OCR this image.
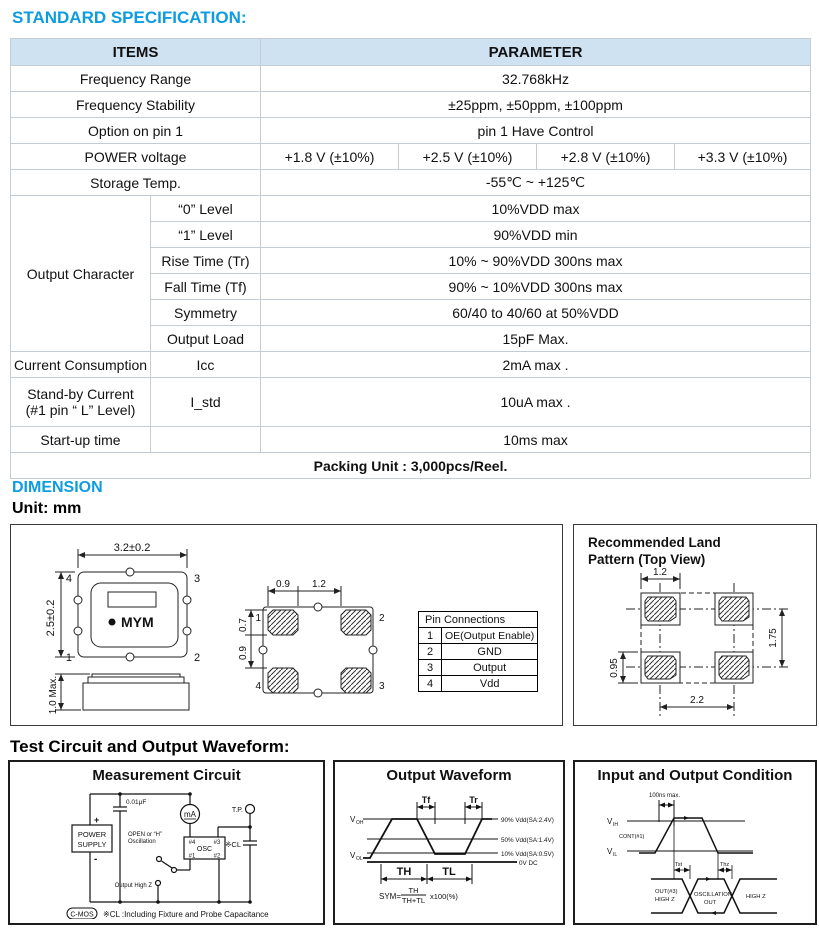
STANDARD SPECIFICATION:
ITEMS		PARAMETER			
Frequency Range		32.768kHz			
Frequency Stability		±25ppm, ±50ppm, ±100ppm			
Option on pin 1		pin 1 Have Control			
POWER voltage		+1.8 V (±10%)	+2.5 V (±10%)	+2.8 V (±10%)	+3.3 V (±10%)
Storage Temp.		-55℃ ~ +125℃			
Output Character	“0” Level	10%VDD max			
	“1” Level	90%VDD min			
	Rise Time (Tr)	10% ~ 90%VDD 300ns max			
	Fall Time (Tf)	90% ~ 10%VDD 300ns max			
	Symmetry	60/40 to 40/60 at 50%VDD			
	Output Load	15pF Max.			
Current Consumption	Icc	2mA max .			

Stand-by Current
(#1 pin “ L” Level)	I_std	10uA max .			
Start-up time		10ms max			
Packing Unit : 3,000pcs/Reel.					
DIMENSION
Unit: mm
3.2±0.2
2.5±0.2
1.0 Max.
4	3
1	2
MYM
0.9 1.2
0.7
0.9
1	2
4	3
Pin Connections	
1	OE(Output Enable)
2	GND
3	Output
4	Vdd
Recommended Land
Pattern (Top View)
1.2
1.75
0.95
2.2
Test Circuit and Output Waveform:
Measurement Circuit
POWER
SUPPLY
+
-
0.01μF
mA	T.P.
※CL
#4	#3
OSC
#1	#2
OPEN or “H”
Oscillation
Output High Z
C-MOS ※CL :Including Fixture and Probe Capacitance
Output Waveform
V OH
V OL
Tf	Tr
90% Vdd(SA:2.4V)
50% Vdd(SA:1.4V)
10% Vdd(SA:0.5V)
0V DC
TH	TL
SYM=
TH
TH+TL x100(%)
Input and Output Condition
100ns max.
V IH
V IL
CONT(#1)
Tst	Thz
OUT(#3)
HIGH Z
OSCILLATION
OUT
HIGH Z
